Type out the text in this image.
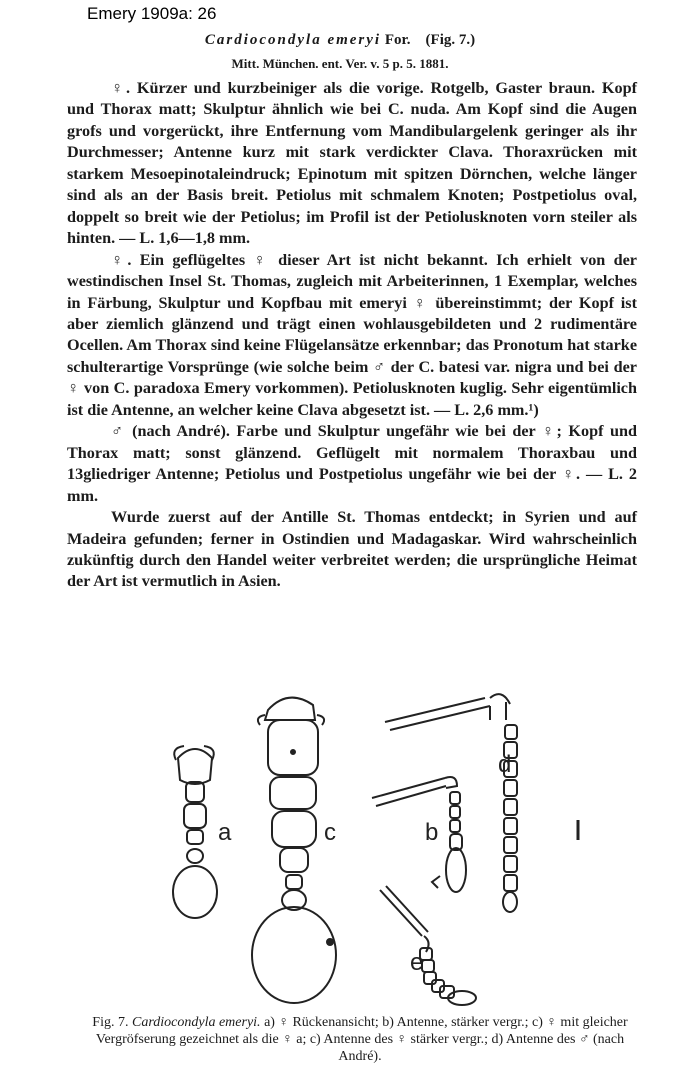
Emery 1909a: 26
Cardiocondyla emeryi For. (Fig. 7.)
Mitt. München. ent. Ver. v. 5 p. 5. 1881.

♀. Kürzer und kurzbeiniger als die vorige. Rotgelb, Gaster braun. Kopf und Thorax matt; Skulptur ähnlich wie bei C. nuda. Am Kopf sind die Augen grofs und vorgerückt, ihre Entfernung vom Mandibulargelenk geringer als ihr Durchmesser; Antenne kurz mit stark verdickter Clava. Thoraxrücken mit starkem Mesoepinotaleindruck; Epinotum mit spitzen Dörnchen, welche länger sind als an der Basis breit. Petiolus mit schmalem Knoten; Postpetiolus oval, doppelt so breit wie der Petiolus; im Profil ist der Petiolusknoten vorn steiler als hinten. — L. 1,6—1,8 mm.

♀. Ein geflügeltes ♀ dieser Art ist nicht bekannt. Ich erhielt von der westindischen Insel St. Thomas, zugleich mit Arbeiterinnen, 1 Exemplar, welches in Färbung, Skulptur und Kopfbau mit emeryi ♀ übereinstimmt; der Kopf ist aber ziemlich glänzend und trägt einen wohlausgebildeten und 2 rudimentäre Ocellen. Am Thorax sind keine Flügelansätze erkennbar; das Pronotum hat starke schulterartige Vorsprünge (wie solche beim ♂ der C. batesi var. nigra und bei der ♀ von C. paradoxa Emery vorkommen). Petiolusknoten kuglig. Sehr eigentümlich ist die Antenne, an welcher keine Clava abgesetzt ist. — L. 2,6 mm.¹)

♂ (nach André). Farbe und Skulptur ungefähr wie bei der ♀; Kopf und Thorax matt; sonst glänzend. Geflügelt mit normalem Thoraxbau und 13gliedriger Antenne; Petiolus und Postpetiolus ungefähr wie bei der ♀. — L. 2 mm.

Wurde zuerst auf der Antille St. Thomas entdeckt; in Syrien und auf Madeira gefunden; ferner in Ostindien und Madagaskar. Wird wahrscheinlich zukünftig durch den Handel weiter verbreitet werden; die ursprüngliche Heimat der Art ist vermutlich in Asien.

a	c
d
b
e
Fig. 7. Cardiocondyla emeryi. a) ♀ Rückenansicht; b) Antenne, stärker vergr.; c) ♀ mit gleicher Vergröfserung gezeichnet als die ♀ a; c) Antenne des ♀ stärker vergr.; d) Antenne des ♂ (nach André).
